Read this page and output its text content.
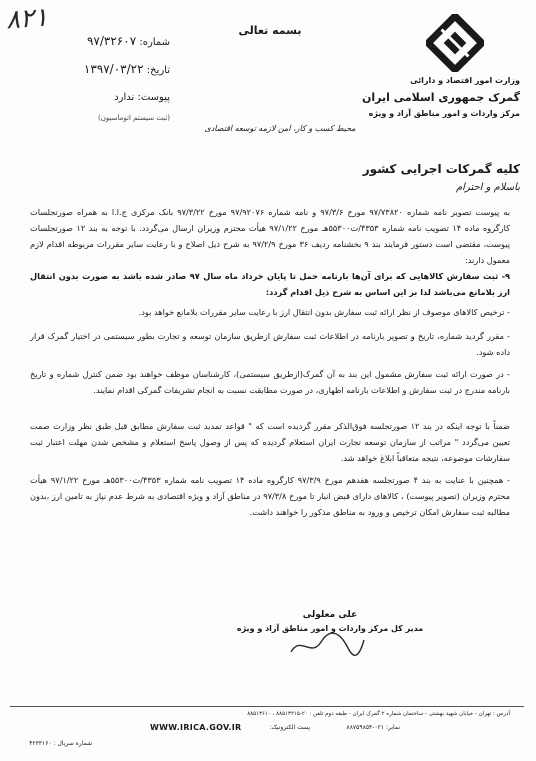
۸۲۱
شماره: ۹۷/۳۲۶۰۷
تاریخ: ۱۳۹۷/۰۳/۲۲
پیوست: ندارد
(ثبت سیستم اتوماسیون)
بسمه تعالی
وزارت امور اقتصاد و دارائی
گمرک جمهوری اسلامی ایران
مرکز واردات و امور مناطق آزاد و ویژه
محیط کسب و کار، امن لازمه توسعه اقتصادی
کلیه گمرکات اجرایی کشور
باسلام و احترام
به پیوست تصویر نامه شماره ۹۷/۷۳۸۲۰ مورخ ۹۷/۳/۶ و نامه شماره ۹۷/۹۲۰۷۶ مورخ ۹۷/۳/۲۲ بانک مرکزی ج.ا.ا به همراه صورتجلسات کارگروه ماده ۱۴ تصویب نامه شماره ۴۳۵۳/ت۵۵۳۰۰هـ مورخ ۹۷/۱/۲۲ هیأت محترم وزیران ارسال می‌گردد. با توجه به بند ۱۲ صورتجلسات پیوست، مقتضی است دستور فرمایند بند ۹ بخشنامه ردیف ۳۶ مورخ ۹۷/۲/۹ به شرح ذیل اصلاح و با رعایت سایر مقررات مربوطه اقدام لازم معمول دارند:
۹- ثبت سفارش کالاهایی که برای آن‌ها بارنامه حمل تا پایان خرداد ماه سال ۹۷ صادر شده باشد به صورت بدون انتقال ارز بلامانع می‌باشد لذا بر این اساس به شرح ذیل اقدام گردد:
- ترخیص کالاهای موصوف از نظر ارائه ثبت سفارش بدون انتقال ارز با رعایت سایر مقررات بلامانع خواهد بود.
- مقرر گردید شماره، تاریخ و تصویر بارنامه در اطلاعات ثبت سفارش ازطریق سازمان توسعه و تجارت بطور سیستمی در اختیار گمرک قرار داده شود.
- در صورت ارائه ثبت سفارش مشمول این بند به آن گمرک(ازطریق سیستمی)، کارشناسان موظف خواهند بود ضمن کنترل شماره و تاریخ بارنامه مندرج در ثبت سفارش و اطلاعات بارنامه اظهاری، در صورت مطابقت نسبت به انجام تشریفات گمرکی اقدام نمایند.
ضمناً با توجه اینکه در بند ۱۲ صورتجلسه فوق‌الذکر مقرر گردیده است که " قواعد تمدید ثبت سفارش مطابق قبل طبق نظر وزارت صمت تعیین می‌گردد " مراتب از سازمان توسعه تجارت ایران استعلام گردیده که پس از وصول پاسخ استعلام و مشخص شدن مهلت اعتبار ثبت سفارشات موضوعه، نتیجه متعاقباً ابلاغ خواهد شد.
- همچنین با عنایت به بند ۴ صورتجلسه هفدهم مورخ ۹۷/۳/۹ کارگروه ماده ۱۴ تصویب نامه شماره ۴۳۵۳/ت۵۵۳۰۰هـ مورخ ۹۷/۱/۲۲ هیأت محترم وزیران (تصویر پیوست) ، کالاهای دارای قبض انبار تا مورخ ۹۷/۳/۸ در مناطق آزاد و ویژه اقتصادی به شرط عدم نیاز به تامین ارز ،بدون مطالبه ثبت سفارش امکان ترخیص و ورود به مناطق مذکور را خواهند داشت.
علی معلولی
مدیر کل مرکز واردات و امور مناطق آزاد و ویژه
آدرس : تهران - خیابان شهید بهشتی - ساختمان شماره ۲ گمرک ایران - طبقه دوم تلفن : ۲۰-۸۸۵۱۳۲۱۵ ، ۸۸۵۱۳۶۱۰
نمابر: ۰۲۱-۸۸۷۵۹۸۵۴
پست الکترونیک:
WWW.IRICA.GOV.IR
شماره سریال : ۴۲۳۳۱۶۰
